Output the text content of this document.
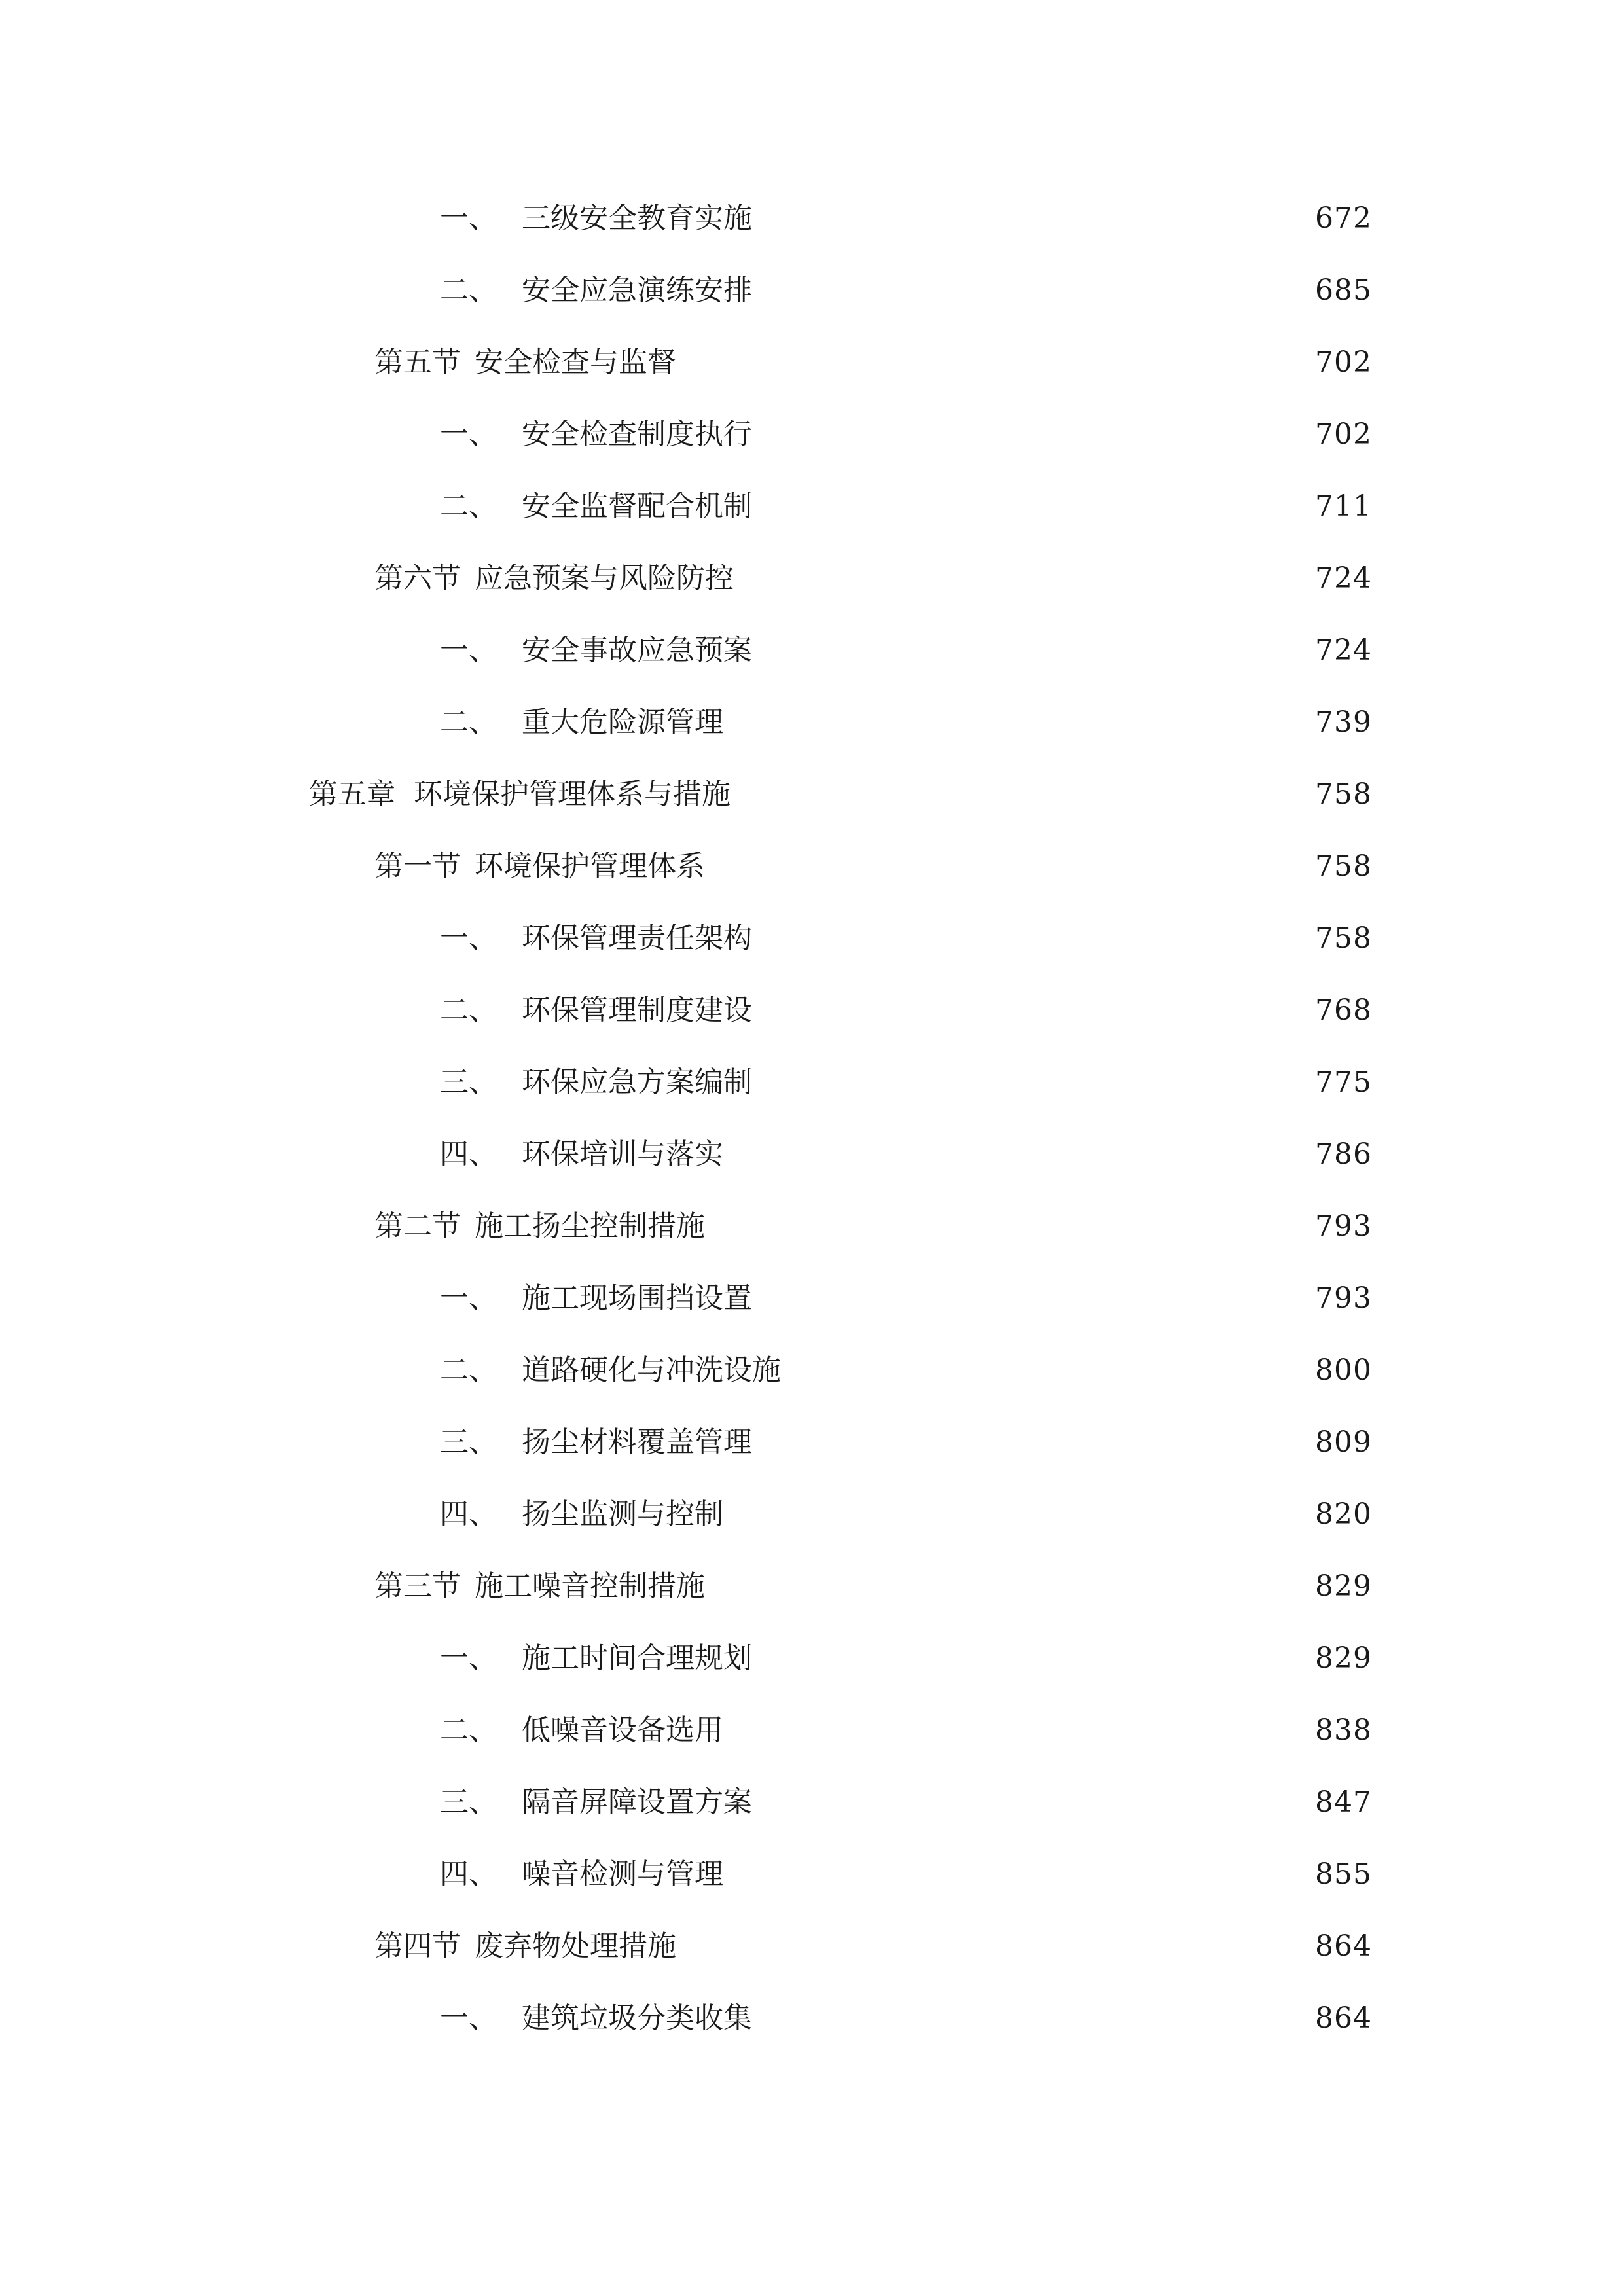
一、 三级安全教育实施	672
二、 安全应急演练安排	685
第五节 安全检查与监督	702
一、 安全检查制度执行	702
二、 安全监督配合机制	711
第六节 应急预案与风险防控	724
一、 安全事故应急预案	724
二、 重大危险源管理	739
第五章 环境保护管理体系与措施	758
第一节 环境保护管理体系	758
一、 环保管理责任架构	758
二、 环保管理制度建设	768
三、 环保应急方案编制	775
四、 环保培训与落实	786
第二节 施工扬尘控制措施	793
一、 施工现场围挡设置	793
二、 道路硬化与冲洗设施	800
三、 扬尘材料覆盖管理	809
四、 扬尘监测与控制	820
第三节 施工噪音控制措施	829
一、 施工时间合理规划	829
二、 低噪音设备选用	838
三、 隔音屏障设置方案	847
四、 噪音检测与管理	855
第四节 废弃物处理措施	864
一、 建筑垃圾分类收集	864
